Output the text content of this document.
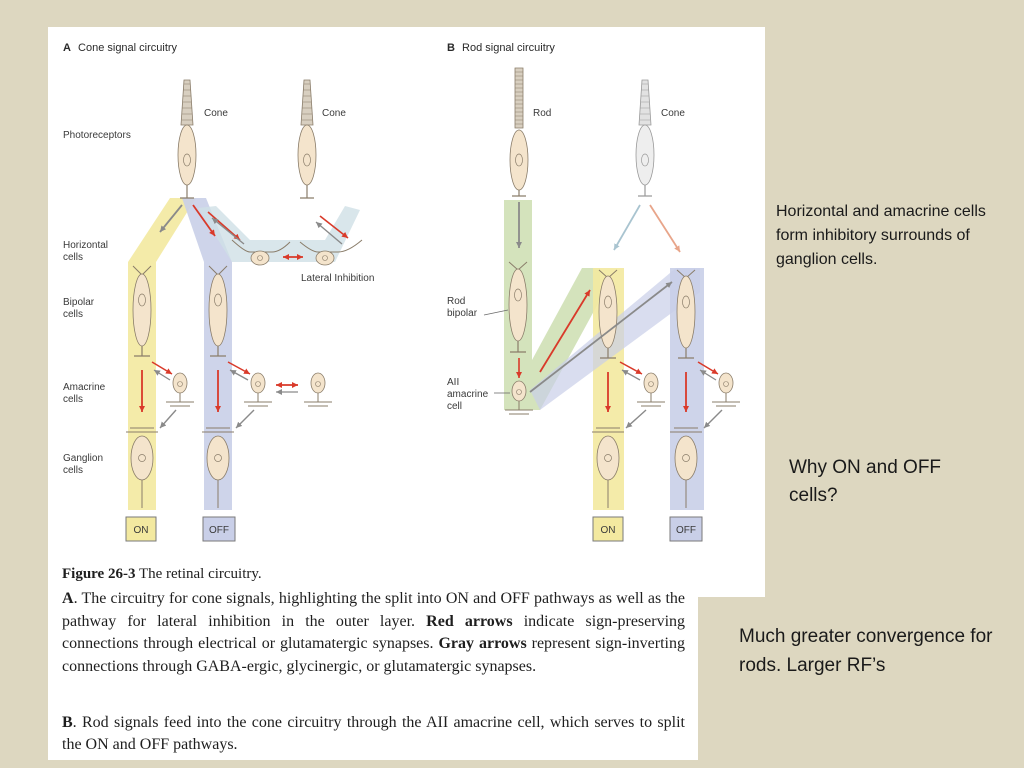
A Cone signal circuitry	B Rod signal circuitry
ON	OFF	ON	OFF
Cone	Cone
Photoreceptors
Horizontal
cells
Lateral Inhibition
Bipolar
cells
Amacrine
cells
Ganglion
cells
Rod	Cone
Rod
bipolar
AII
amacrine
cell
Figure 26-3 The retinal circuitry.
A. The circuitry for cone signals, highlighting the split into ON and OFF pathways as well as the pathway for lateral inhibition in the outer layer. Red arrows indicate sign-preserving connections through electrical or glutamatergic synapses. Gray arrows represent sign-inverting connections through GABA-ergic, glycinergic, or glutamatergic synapses.
B. Rod signals feed into the cone circuitry through the AII amacrine cell, which serves to split the ON and OFF pathways.
Horizontal and amacrine cells form inhibitory surrounds of ganglion cells.
Why ON and OFF cells?
Much greater convergence for rods. Larger RF’s
